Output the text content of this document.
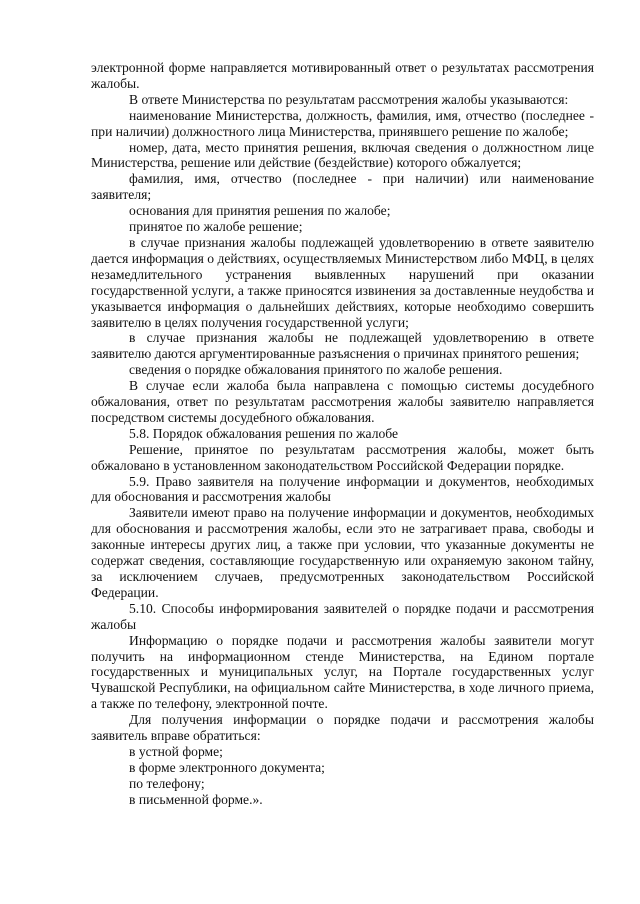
электронной форме направляется мотивированный ответ о результатах рассмотрения жалобы.

В ответе Министерства по результатам рассмотрения жалобы указываются:

наименование Министерства, должность, фамилия, имя, отчество (последнее - при наличии) должностного лица Министерства, принявшего решение по жалобе;

номер, дата, место принятия решения, включая сведения о должностном лице Министерства, решение или действие (бездействие) которого обжалуется;

фамилия, имя, отчество (последнее - при наличии) или наименование заявителя;

основания для принятия решения по жалобе;

принятое по жалобе решение;

в случае признания жалобы подлежащей удовлетворению в ответе заявителю дается информация о действиях, осуществляемых Министерством либо МФЦ, в целях незамедлительного устранения выявленных нарушений при оказании государственной услуги, а также приносятся извинения за доставленные неудобства и указывается информация о дальнейших действиях, которые необходимо совершить заявителю в целях получения государственной услуги;

в случае признания жалобы не подлежащей удовлетворению в ответе заявителю даются аргументированные разъяснения о причинах принятого решения;

сведения о порядке обжалования принятого по жалобе решения.

В случае если жалоба была направлена с помощью системы досудебного обжалования, ответ по результатам рассмотрения жалобы заявителю направляется посредством системы досудебного обжалования.

5.8. Порядок обжалования решения по жалобе

Решение, принятое по результатам рассмотрения жалобы, может быть обжаловано в установленном законодательством Российской Федерации порядке.

5.9. Право заявителя на получение информации и документов, необходимых для обоснования и рассмотрения жалобы

Заявители имеют право на получение информации и документов, необходимых для обоснования и рассмотрения жалобы, если это не затрагивает права, свободы и законные интересы других лиц, а также при условии, что указанные документы не содержат сведения, составляющие государственную или охраняемую законом тайну, за исключением случаев, предусмотренных законодательством Российской Федерации.

5.10. Способы информирования заявителей о порядке подачи и рассмотрения жалобы

Информацию о порядке подачи и рассмотрения жалобы заявители могут получить на информационном стенде Министерства, на Едином портале государственных и муниципальных услуг, на Портале государственных услуг Чувашской Республики, на официальном сайте Министерства, в ходе личного приема, а также по телефону, электронной почте.

Для получения информации о порядке подачи и рассмотрения жалобы заявитель вправе обратиться:

в устной форме;

в форме электронного документа;

по телефону;

в письменной форме.».
